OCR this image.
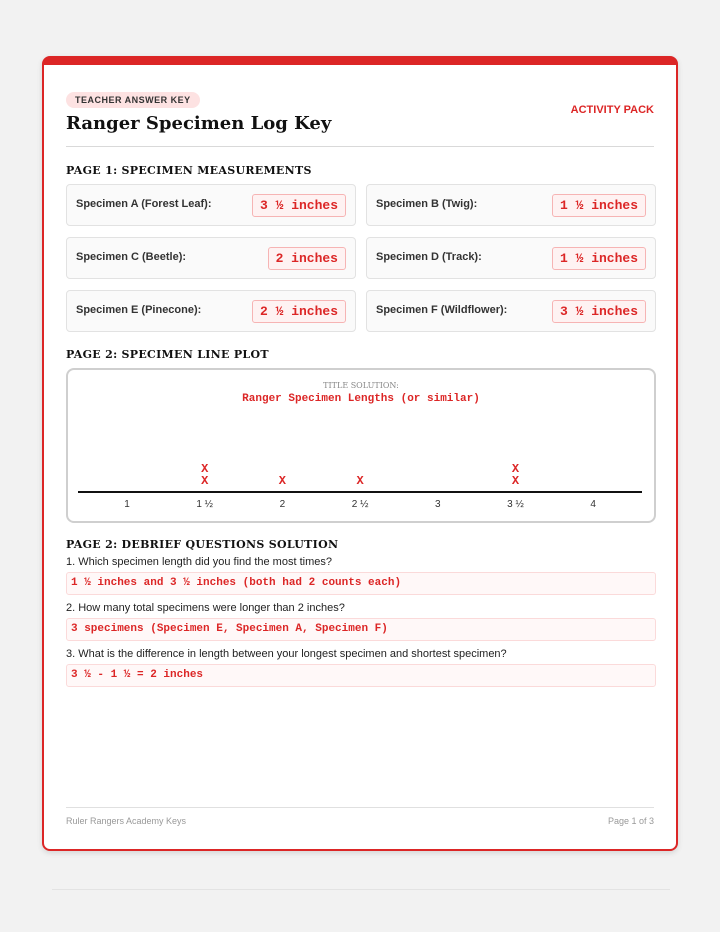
TEACHER ANSWER KEY
Ranger Specimen Log Key
ACTIVITY PACK
PAGE 1: SPECIMEN MEASUREMENTS
Specimen A (Forest Leaf):	3 ½ inches	Specimen B (Twig):	1 ½ inches
Specimen C (Beetle):	2 inches	Specimen D (Track):	1 ½ inches
Specimen E (Pinecone):	2 ½ inches	Specimen F (Wildflower):	3 ½ inches
PAGE 2: SPECIMEN LINE PLOT
TITLE SOLUTION:
Ranger Specimen Lengths (or similar)
1	1 ½	2	2 ½	3	3 ½	4
X
X
X	X	X
X
PAGE 2: DEBRIEF QUESTIONS SOLUTION
1. Which specimen length did you find the most times?
1 ½ inches and 3 ½ inches (both had 2 counts each)
2. How many total specimens were longer than 2 inches?
3 specimens (Specimen E, Specimen A, Specimen F)
3. What is the difference in length between your longest specimen and shortest specimen?
3 ½ - 1 ½ = 2 inches
Ruler Rangers Academy Keys	Page 1 of 3
